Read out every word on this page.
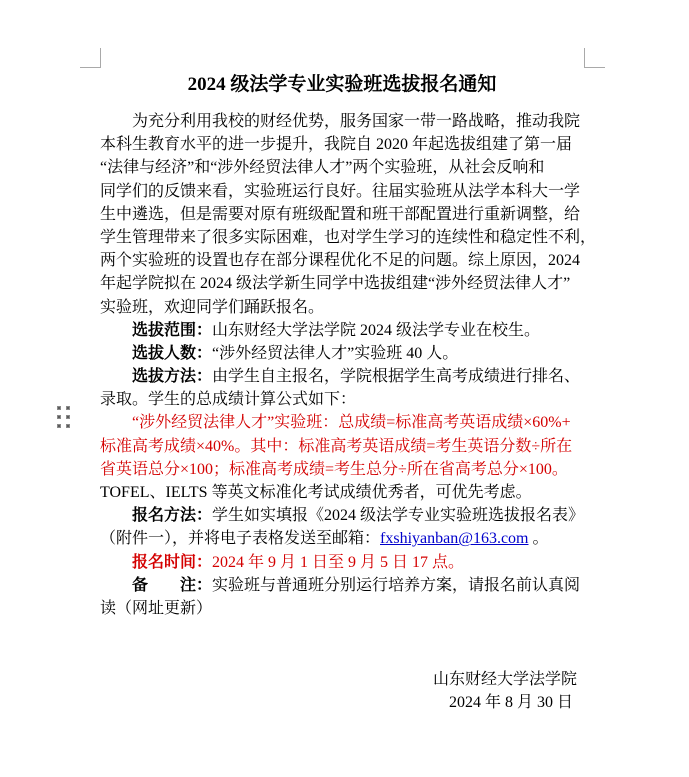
2024 级法学专业实验班选拔报名通知
为充分利用我校的财经优势，服务国家一带一路战略，推动我院
本科生教育水平的进一步提升，我院自 2020 年起选拔组建了第一届
“法律与经济”和“涉外经贸法律人才”两个实验班，从社会反响和
同学们的反馈来看，实验班运行良好。往届实验班从法学本科大一学
生中遴选，但是需要对原有班级配置和班干部配置进行重新调整，给
学生管理带来了很多实际困难，也对学生学习的连续性和稳定性不利，
两个实验班的设置也存在部分课程优化不足的问题。综上原因，2024
年起学院拟在 2024 级法学新生同学中选拔组建“涉外经贸法律人才”
实验班，欢迎同学们踊跃报名。
选拔范围：山东财经大学法学院 2024 级法学专业在校生。
选拔人数：“涉外经贸法律人才”实验班 40 人。
选拔方法：由学生自主报名，学院根据学生高考成绩进行排名、
录取。学生的总成绩计算公式如下：
“涉外经贸法律人才”实验班：总成绩=标准高考英语成绩×60%+
标准高考成绩×40%。其中：标准高考英语成绩=考生英语分数÷所在
省英语总分×100；标准高考成绩=考生总分÷所在省高考总分×100。
TOFEL、IELTS 等英文标准化考试成绩优秀者，可优先考虑。
报名方法：学生如实填报《2024 级法学专业实验班选拔报名表》
（附件一），并将电子表格发送至邮箱：fxshiyanban@163.com 。
报名时间：2024 年 9 月 1 日至 9 月 5 日 17 点。
备　　注：实验班与普通班分别运行培养方案，请报名前认真阅
读（网址更新）
山东财经大学法学院
2024 年 8 月 30 日
